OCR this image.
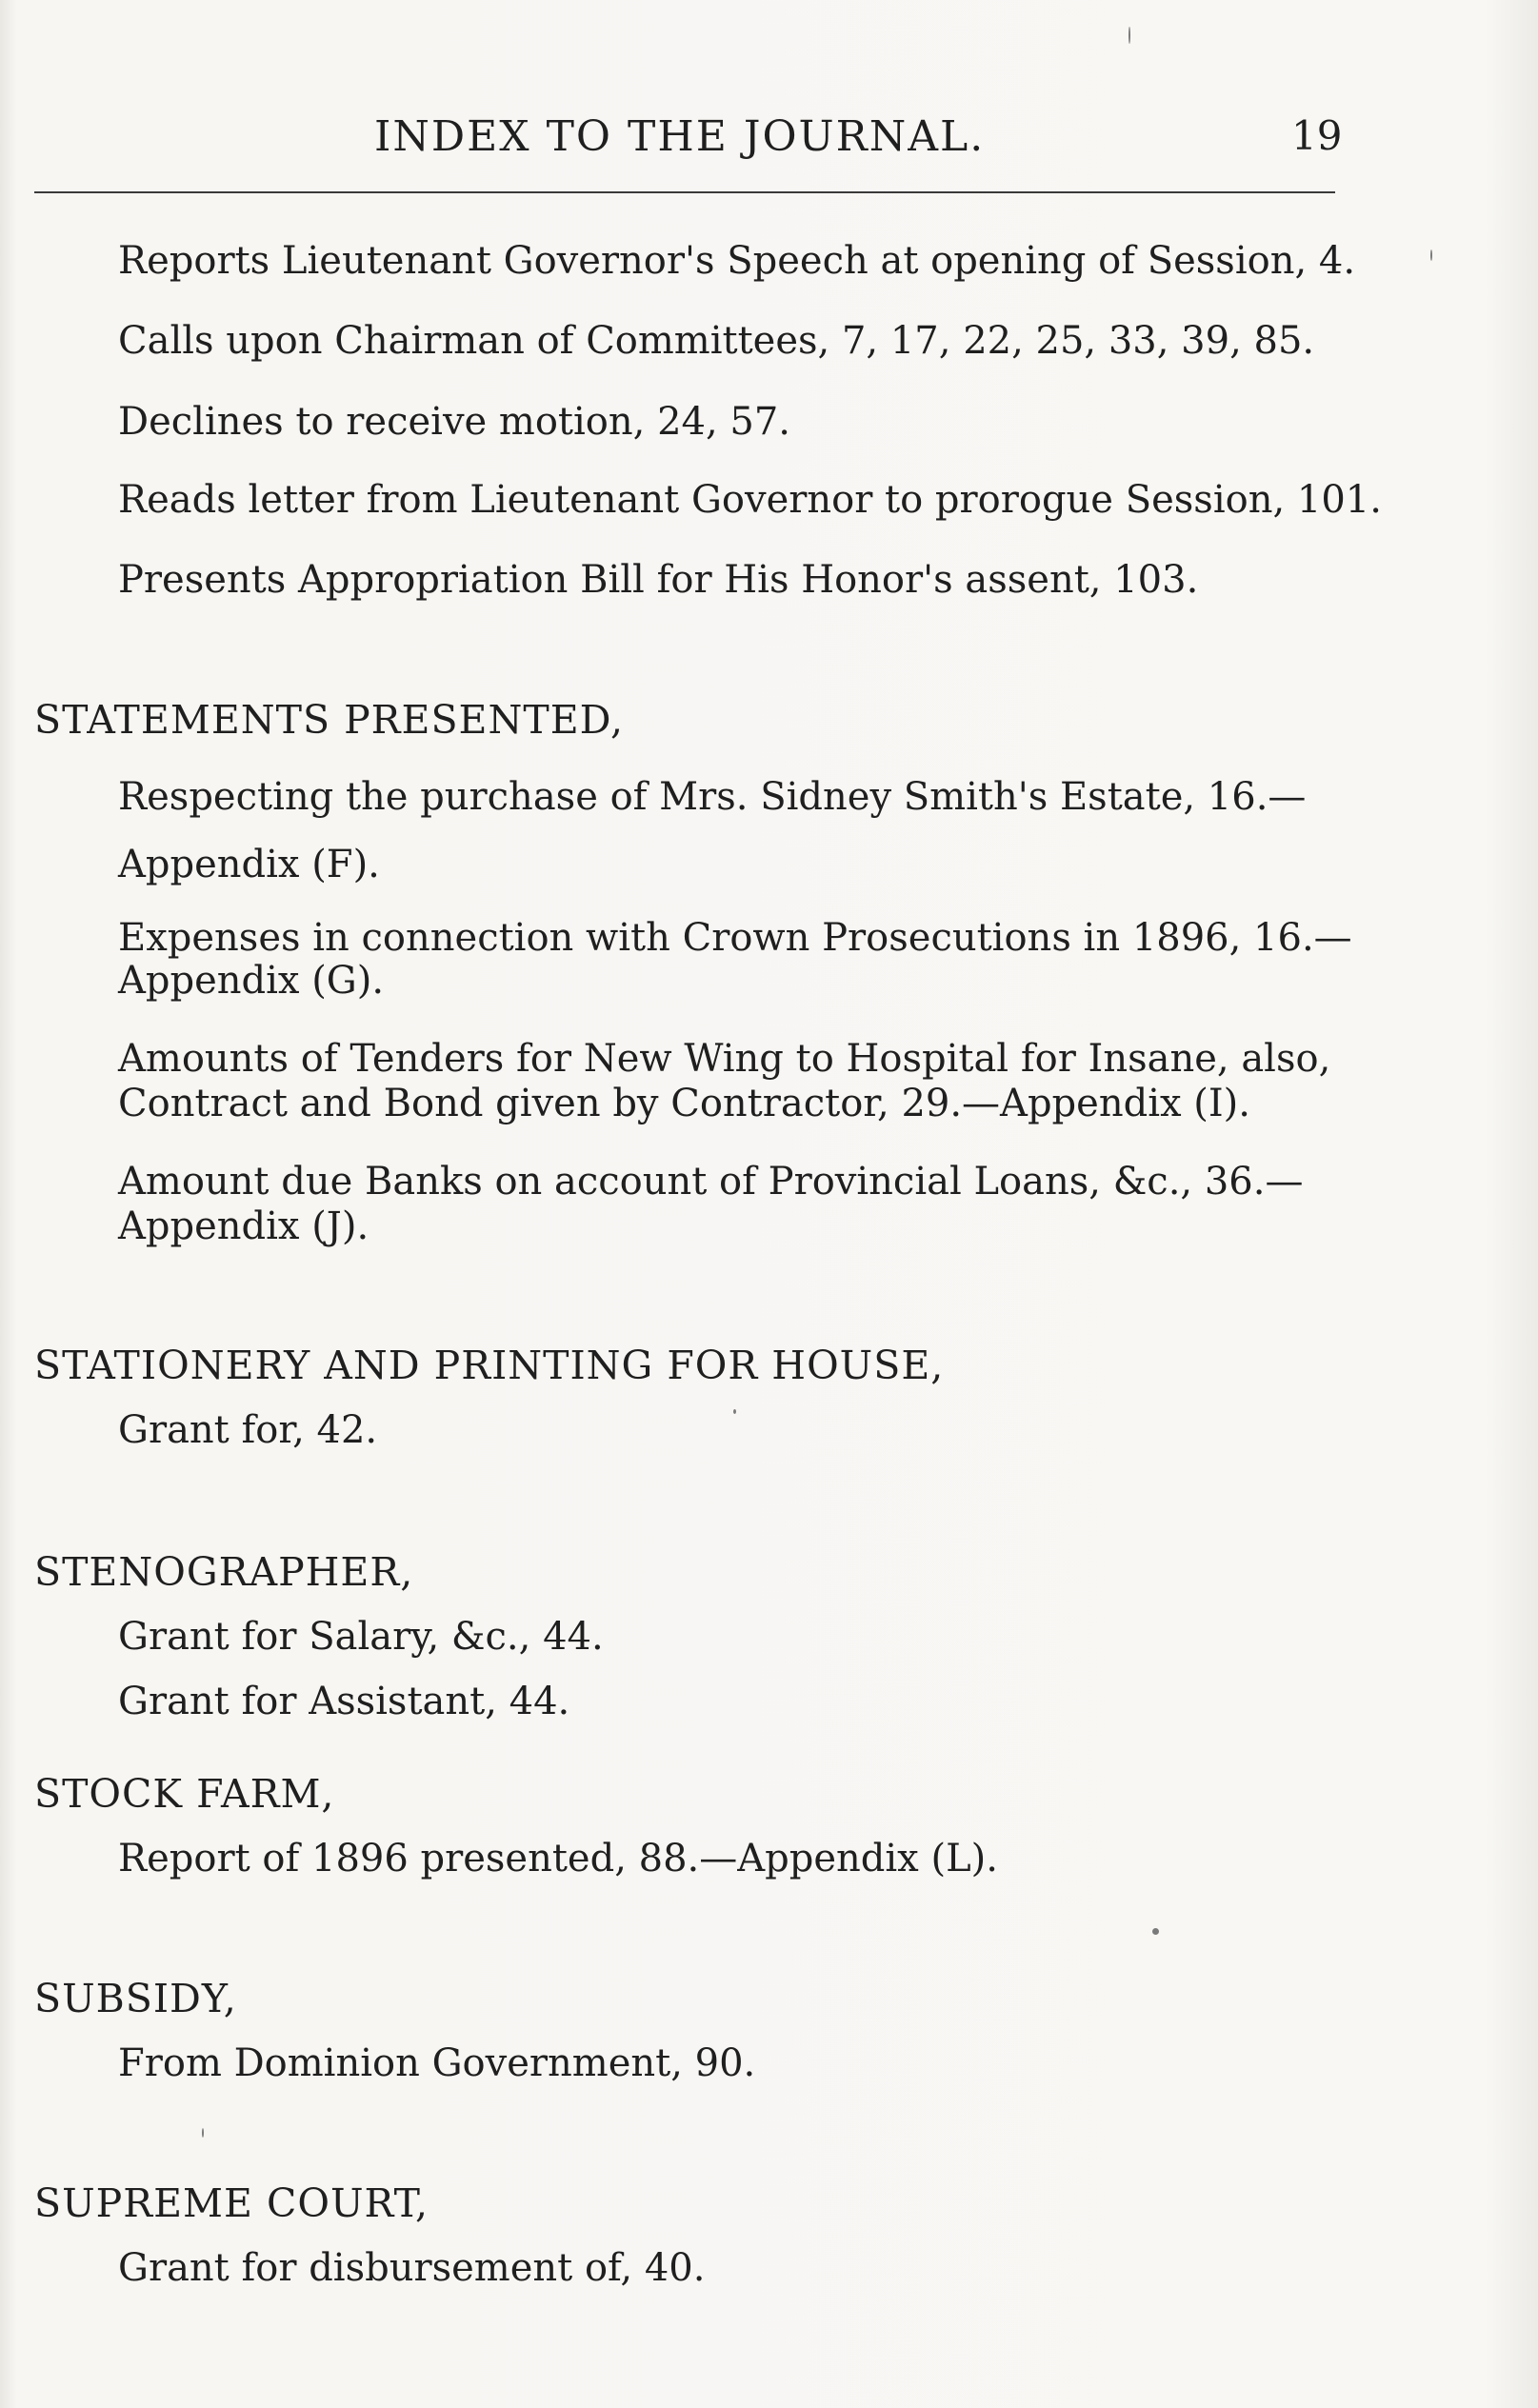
INDEX TO THE JOURNAL.	19
Reports Lieutenant Governor's Speech at opening of Session, 4.
Calls upon Chairman of Committees, 7, 17, 22, 25, 33, 39, 85.
Declines to receive motion, 24, 57.
Reads letter from Lieutenant Governor to prorogue Session, 101.
Presents Appropriation Bill for His Honor's assent, 103.
STATEMENTS PRESENTED,
Respecting the purchase of Mrs. Sidney Smith's Estate, 16.—
Appendix (F).
Expenses in connection with Crown Prosecutions in 1896, 16.—
Appendix (G).
Amounts of Tenders for New Wing to Hospital for Insane, also,
Contract and Bond given by Contractor, 29.—Appendix (I).
Amount due Banks on account of Provincial Loans, &c., 36.—
Appendix (J).
STATIONERY AND PRINTING FOR HOUSE,
Grant for, 42.
STENOGRAPHER,
Grant for Salary, &c., 44.
Grant for Assistant, 44.
STOCK FARM,
Report of 1896 presented, 88.—Appendix (L).
SUBSIDY,
From Dominion Government, 90.
SUPREME COURT,
Grant for disbursement of, 40.
